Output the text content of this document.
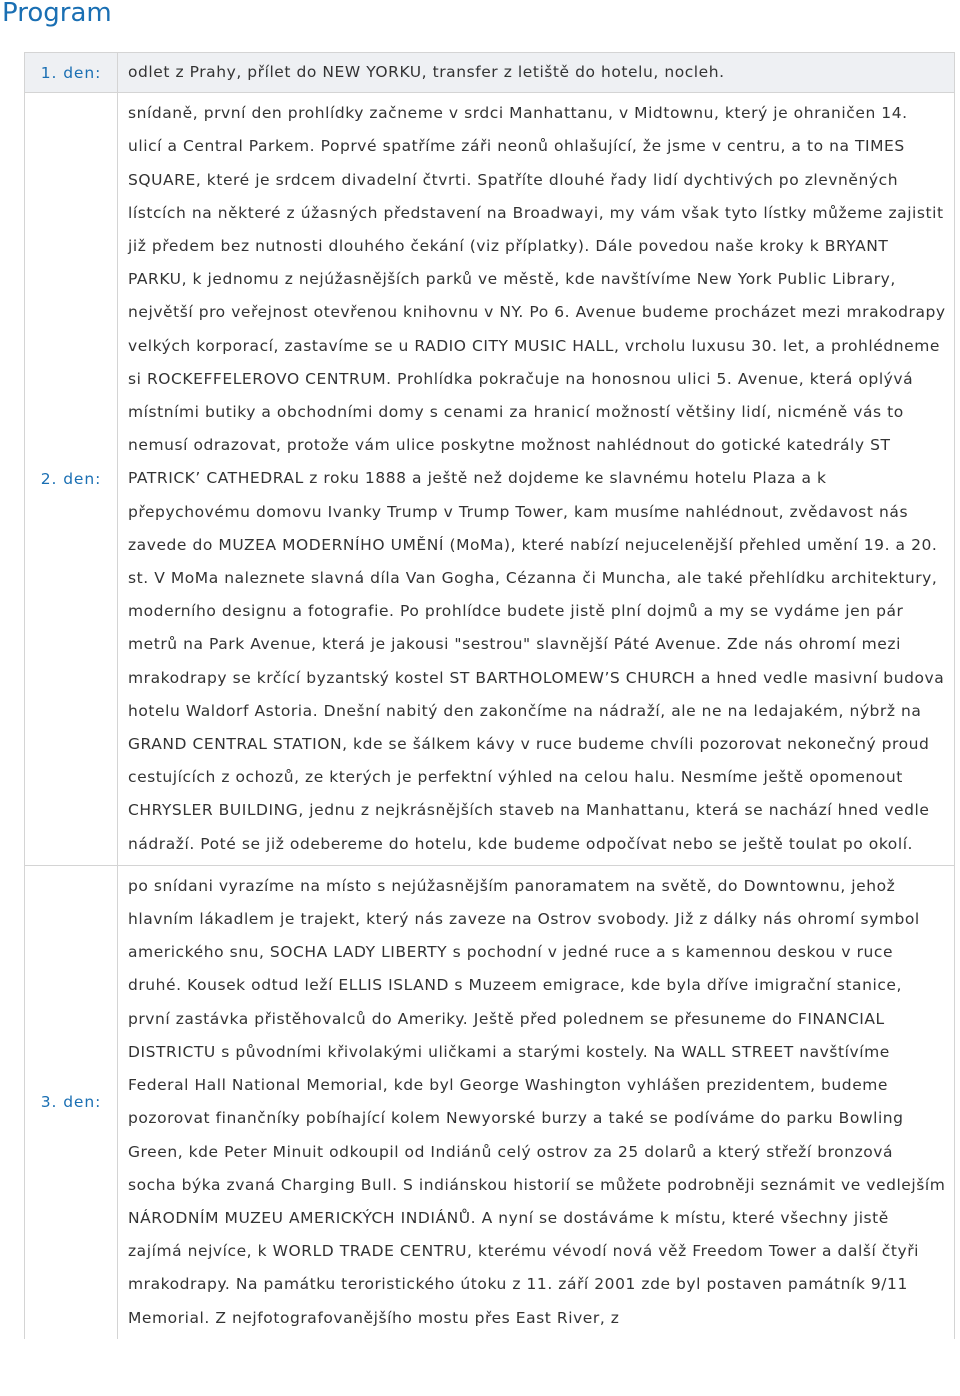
Program
1. den:	odlet z Prahy, přílet do NEW YORKU, transfer z letiště do hotelu, nocleh.
2. den:	snídaně, první den prohlídky začneme v srdci Manhattanu, v Midtownu, který je ohraničen 14. ulicí a Central Parkem. Poprvé spatříme záři neonů ohlašující, že jsme v centru, a to na TIMES SQUARE, které je srdcem divadelní čtvrti. Spatříte dlouhé řady lidí dychtivých po zlevněných lístcích na některé z úžasných představení na Broadwayi, my vám však tyto lístky můžeme zajistit již předem bez nutnosti dlouhého čekání (viz příplatky). Dále povedou naše kroky k BRYANT PARKU, k jednomu z nejúžasnějších parků ve městě, kde navštívíme New York Public Library, největší pro veřejnost otevřenou knihovnu v NY. Po 6. Avenue budeme procházet mezi mrakodrapy velkých korporací, zastavíme se u RADIO CITY MUSIC HALL, vrcholu luxusu 30. let, a prohlédneme si ROCKEFFELEROVO CENTRUM. Prohlídka pokračuje na honosnou ulici 5. Avenue, která oplývá místními butiky a obchodními domy s cenami za hranicí možností většiny lidí, nicméně vás to nemusí odrazovat, protože vám ulice poskytne možnost nahlédnout do gotické katedrály ST PATRICK’ CATHEDRAL z roku 1888 a ještě než dojdeme ke slavnému hotelu Plaza a k přepychovému domovu Ivanky Trump v Trump Tower, kam musíme nahlédnout, zvědavost nás zavede do MUZEA MODERNÍHO UMĚNÍ (MoMa), které nabízí nejucelenější přehled umění 19. a 20. st. V MoMa naleznete slavná díla Van Gogha, Cézanna či Muncha, ale také přehlídku architektury, moderního designu a fotografie. Po prohlídce budete jistě plní dojmů a my se vydáme jen pár metrů na Park Avenue, která je jakousi "sestrou" slavnější Páté Avenue. Zde nás ohromí mezi mrakodrapy se krčící byzantský kostel ST BARTHOLOMEW’S CHURCH a hned vedle masivní budova hotelu Waldorf Astoria. Dnešní nabitý den zakončíme na nádraží, ale ne na ledajakém, nýbrž na GRAND CENTRAL STATION, kde se šálkem kávy v ruce budeme chvíli pozorovat nekonečný proud cestujících z ochozů, ze kterých je perfektní výhled na celou halu. Nesmíme ještě opomenout CHRYSLER BUILDING, jednu z nejkrásnějších staveb na Manhattanu, která se nachází hned vedle nádraží. Poté se již odebereme do hotelu, kde budeme odpočívat nebo se ještě toulat po okolí.
3. den:	po snídani vyrazíme na místo s nejúžasnějším panoramatem na světě, do Downtownu, jehož hlavním lákadlem je trajekt, který nás zaveze na Ostrov svobody. Již z dálky nás ohromí symbol amerického snu, SOCHA LADY LIBERTY s pochodní v jedné ruce a s kamennou deskou v ruce druhé. Kousek odtud leží ELLIS ISLAND s Muzeem emigrace, kde byla dříve imigrační stanice, první zastávka přistěhovalců do Ameriky. Ještě před polednem se přesuneme do FINANCIAL DISTRICTU s původními křivolakými uličkami a starými kostely. Na WALL STREET navštívíme Federal Hall National Memorial, kde byl George Washington vyhlášen prezidentem, budeme pozorovat finančníky pobíhající kolem Newyorské burzy a také se podíváme do parku Bowling Green, kde Peter Minuit odkoupil od Indiánů celý ostrov za 25 dolarů a který střeží bronzová socha býka zvaná Charging Bull. S indiánskou historií se můžete podrobněji seznámit ve vedlejším NÁRODNÍM MUZEU AMERICKÝCH INDIÁNŮ. A nyní se dostáváme k místu, které všechny jistě zajímá nejvíce, k WORLD TRADE CENTRU, kterému vévodí nová věž Freedom Tower a další čtyři mrakodrapy. Na památku teroristického útoku z 11. září 2001 zde byl postaven památník 9/11 Memorial. Z nejfotografovanějšího mostu přes East River, z
